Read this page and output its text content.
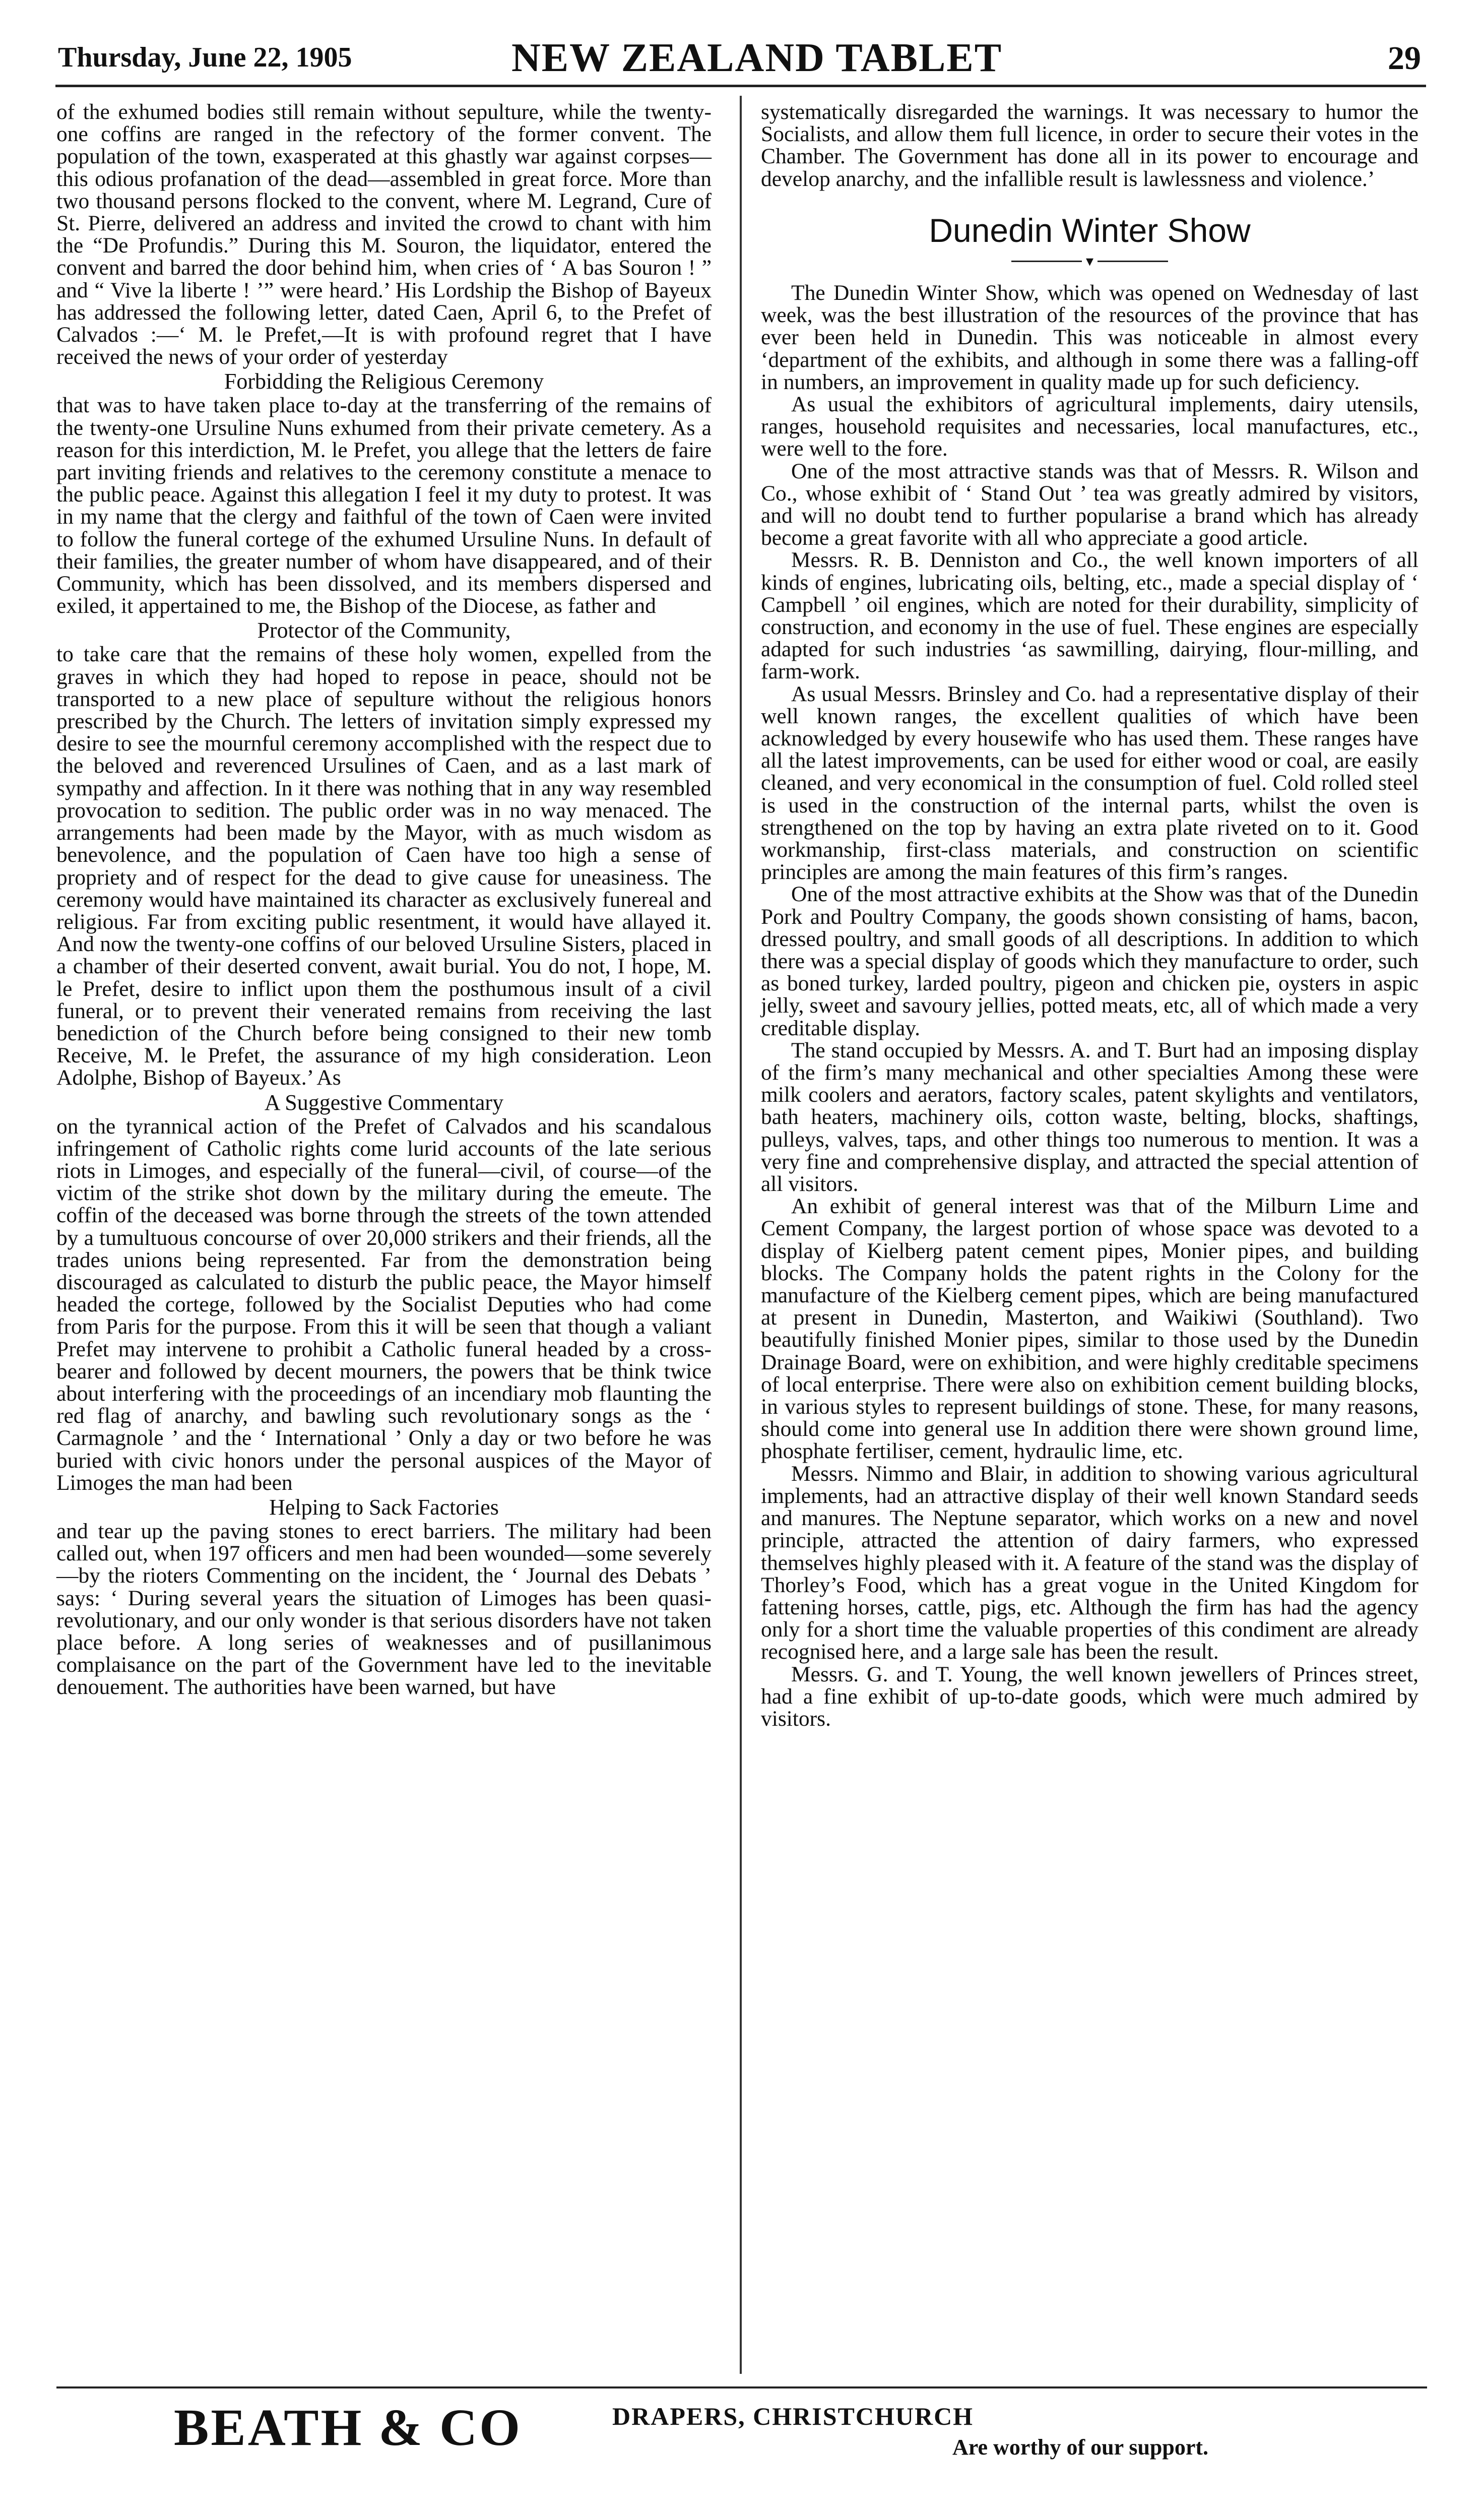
Thursday, June 22, 1905	NEW ZEALAND TABLET	29

of the exhumed bodies still remain without sepulture, while the twenty-one coffins are ranged in the refectory of the former convent. The population of the town, exasperated at this ghastly war against corpses—this odious profanation of the dead—assembled in great force. More than two thousand persons flocked to the convent, where M. Legrand, Cure of St. Pierre, delivered an address and invited the crowd to chant with him the “De Profundis.” During this M. Souron, the liquidator, entered the convent and barred the door behind him, when cries of ‘ A bas Souron ! ” and “ Vive la liberte ! ’” were heard.’ His Lordship the Bishop of Bayeux has addressed the following letter, dated Caen, April 6, to the Prefet of Calvados :—‘ M. le Prefet,—It is with profound regret that I have received the news of your order of yesterday

Forbidding the Religious Ceremony

that was to have taken place to-day at the transferring of the remains of the twenty-one Ursuline Nuns exhumed from their private cemetery. As a reason for this interdiction, M. le Prefet, you allege that the letters de faire part inviting friends and relatives to the ceremony constitute a menace to the public peace. Against this allegation I feel it my duty to protest. It was in my name that the clergy and faithful of the town of Caen were invited to follow the funeral cortege of the exhumed Ursuline Nuns. In default of their families, the greater number of whom have disappeared, and of their Community, which has been dissolved, and its members dispersed and exiled, it appertained to me, the Bishop of the Diocese, as father and

Protector of the Community,

to take care that the remains of these holy women, expelled from the graves in which they had hoped to repose in peace, should not be transported to a new place of sepulture without the religious honors prescribed by the Church. The letters of invitation simply expressed my desire to see the mournful ceremony accomplished with the respect due to the beloved and reverenced Ursulines of Caen, and as a last mark of sympathy and affection. In it there was nothing that in any way resembled provocation to sedition. The public order was in no way menaced. The arrangements had been made by the Mayor, with as much wisdom as benevolence, and the population of Caen have too high a sense of propriety and of respect for the dead to give cause for uneasiness. The ceremony would have maintained its character as exclusively funereal and religious. Far from exciting public resentment, it would have allayed it. And now the twenty-one coffins of our beloved Ursuline Sisters, placed in a chamber of their deserted convent, await burial. You do not, I hope, M. le Prefet, desire to inflict upon them the posthumous insult of a civil funeral, or to prevent their venerated remains from receiving the last benediction of the Church before being consigned to their new tomb Receive, M. le Prefet, the assurance of my high consideration. Leon Adolphe, Bishop of Bayeux.’ As

A Suggestive Commentary

on the tyrannical action of the Prefet of Calvados and his scandalous infringement of Catholic rights come lurid accounts of the late serious riots in Limoges, and especially of the funeral—civil, of course—of the victim of the strike shot down by the military during the emeute. The coffin of the deceased was borne through the streets of the town attended by a tumultuous concourse of over 20,000 strikers and their friends, all the trades unions being represented. Far from the demonstration being discouraged as calculated to disturb the public peace, the Mayor himself headed the cortege, followed by the Socialist Deputies who had come from Paris for the purpose. From this it will be seen that though a valiant Prefet may intervene to prohibit a Catholic funeral headed by a cross-bearer and followed by decent mourners, the powers that be think twice about interfering with the proceedings of an incendiary mob flaunting the red flag of anarchy, and bawling such revolutionary songs as the ‘ Carmagnole ’ and the ‘ International ’ Only a day or two before he was buried with civic honors under the personal auspices of the Mayor of Limoges the man had been

Helping to Sack Factories

and tear up the paving stones to erect barriers. The military had been called out, when 197 officers and men had been wounded—some severely—by the rioters Commenting on the incident, the ‘ Journal des Debats ’ says: ‘ During several years the situation of Limoges has been quasi-revolutionary, and our only wonder is that serious disorders have not taken place before. A long series of weaknesses and of pusillanimous complaisance on the part of the Government have led to the inevitable denouement. The authorities have been warned, but have

systematically disregarded the warnings. It was necessary to humor the Socialists, and allow them full licence, in order to secure their votes in the Chamber. The Government has done all in its power to encourage and develop anarchy, and the infallible result is lawlessness and violence.’

Dunedin Winter Show
▾

The Dunedin Winter Show, which was opened on Wednesday of last week, was the best illustration of the resources of the province that has ever been held in Dunedin. This was noticeable in almost every ‘department of the exhibits, and although in some there was a falling-off in numbers, an improvement in quality made up for such deficiency.

As usual the exhibitors of agricultural implements, dairy utensils, ranges, household requisites and necessaries, local manufactures, etc., were well to the fore.

One of the most attractive stands was that of Messrs. R. Wilson and Co., whose exhibit of ‘ Stand Out ’ tea was greatly admired by visitors, and will no doubt tend to further popularise a brand which has already become a great favorite with all who appreciate a good article.

Messrs. R. B. Denniston and Co., the well known importers of all kinds of engines, lubricating oils, belting, etc., made a special display of ‘ Campbell ’ oil engines, which are noted for their durability, simplicity of construction, and economy in the use of fuel. These engines are especially adapted for such industries ‘as sawmilling, dairying, flour-milling, and farm-work.

As usual Messrs. Brinsley and Co. had a representative display of their well known ranges, the excellent qualities of which have been acknowledged by every housewife who has used them. These ranges have all the latest improvements, can be used for either wood or coal, are easily cleaned, and very economical in the consumption of fuel. Cold rolled steel is used in the construction of the internal parts, whilst the oven is strengthened on the top by having an extra plate riveted on to it. Good workmanship, first-class materials, and construction on scientific principles are among the main features of this firm’s ranges.

One of the most attractive exhibits at the Show was that of the Dunedin Pork and Poultry Company, the goods shown consisting of hams, bacon, dressed poultry, and small goods of all descriptions. In addition to which there was a special display of goods which they manufacture to order, such as boned turkey, larded poultry, pigeon and chicken pie, oysters in aspic jelly, sweet and savoury jellies, potted meats, etc, all of which made a very creditable display.

The stand occupied by Messrs. A. and T. Burt had an imposing display of the firm’s many mechanical and other specialties Among these were milk coolers and aerators, factory scales, patent skylights and ventilators, bath heaters, machinery oils, cotton waste, belting, blocks, shaftings, pulleys, valves, taps, and other things too numerous to mention. It was a very fine and comprehensive display, and attracted the special attention of all visitors.

An exhibit of general interest was that of the Milburn Lime and Cement Company, the largest portion of whose space was devoted to a display of Kielberg patent cement pipes, Monier pipes, and building blocks. The Company holds the patent rights in the Colony for the manufacture of the Kielberg cement pipes, which are being manufactured at present in Dunedin, Masterton, and Waikiwi (Southland). Two beautifully finished Monier pipes, similar to those used by the Dunedin Drainage Board, were on exhibition, and were highly creditable specimens of local enterprise. There were also on exhibition cement building blocks, in various styles to represent buildings of stone. These, for many reasons, should come into general use In addition there were shown ground lime, phosphate fertiliser, cement, hydraulic lime, etc.

Messrs. Nimmo and Blair, in addition to showing various agricultural implements, had an attractive display of their well known Standard seeds and manures. The Neptune separator, which works on a new and novel principle, attracted the attention of dairy farmers, who expressed themselves highly pleased with it. A feature of the stand was the display of Thorley’s Food, which has a great vogue in the United Kingdom for fattening horses, cattle, pigs, etc. Although the firm has had the agency only for a short time the valuable properties of this condiment are already recognised here, and a large sale has been the result.

Messrs. G. and T. Young, the well known jewellers of Princes street, had a fine exhibit of up-to-date goods, which were much admired by visitors.

BEATH & CO	DRAPERS, CHRISTCHURCH
Are worthy of our support.
